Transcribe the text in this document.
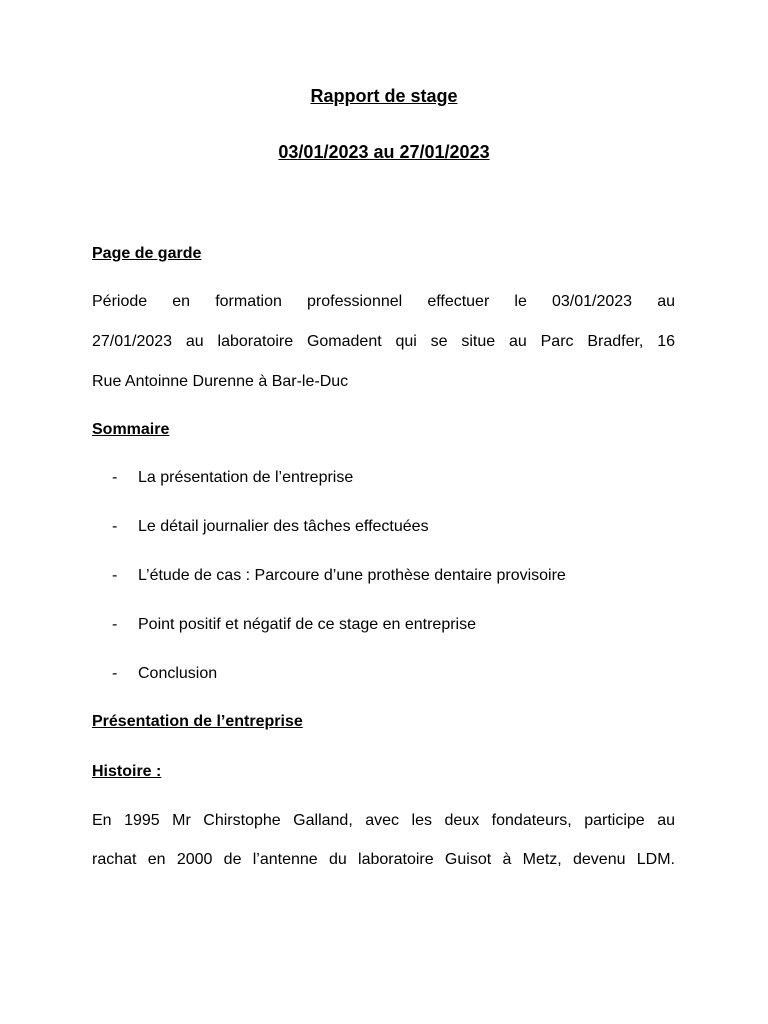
Rapport de stage
03/01/2023 au 27/01/2023
Page de garde
Période en formation professionnel effectuer le 03/01/2023 au
27/01/2023 au laboratoire Gomadent qui se situe au Parc Bradfer, 16
Rue Antoinne Durenne à Bar-le-Duc
Sommaire
- La présentation de l’entreprise
- Le détail journalier des tâches effectuées
- L’étude de cas : Parcoure d’une prothèse dentaire provisoire
- Point positif et négatif de ce stage en entreprise
- Conclusion
Présentation de l’entreprise
Histoire :
En 1995 Mr Chirstophe Galland, avec les deux fondateurs, participe au
rachat en 2000 de l’antenne du laboratoire Guisot à Metz, devenu LDM.
